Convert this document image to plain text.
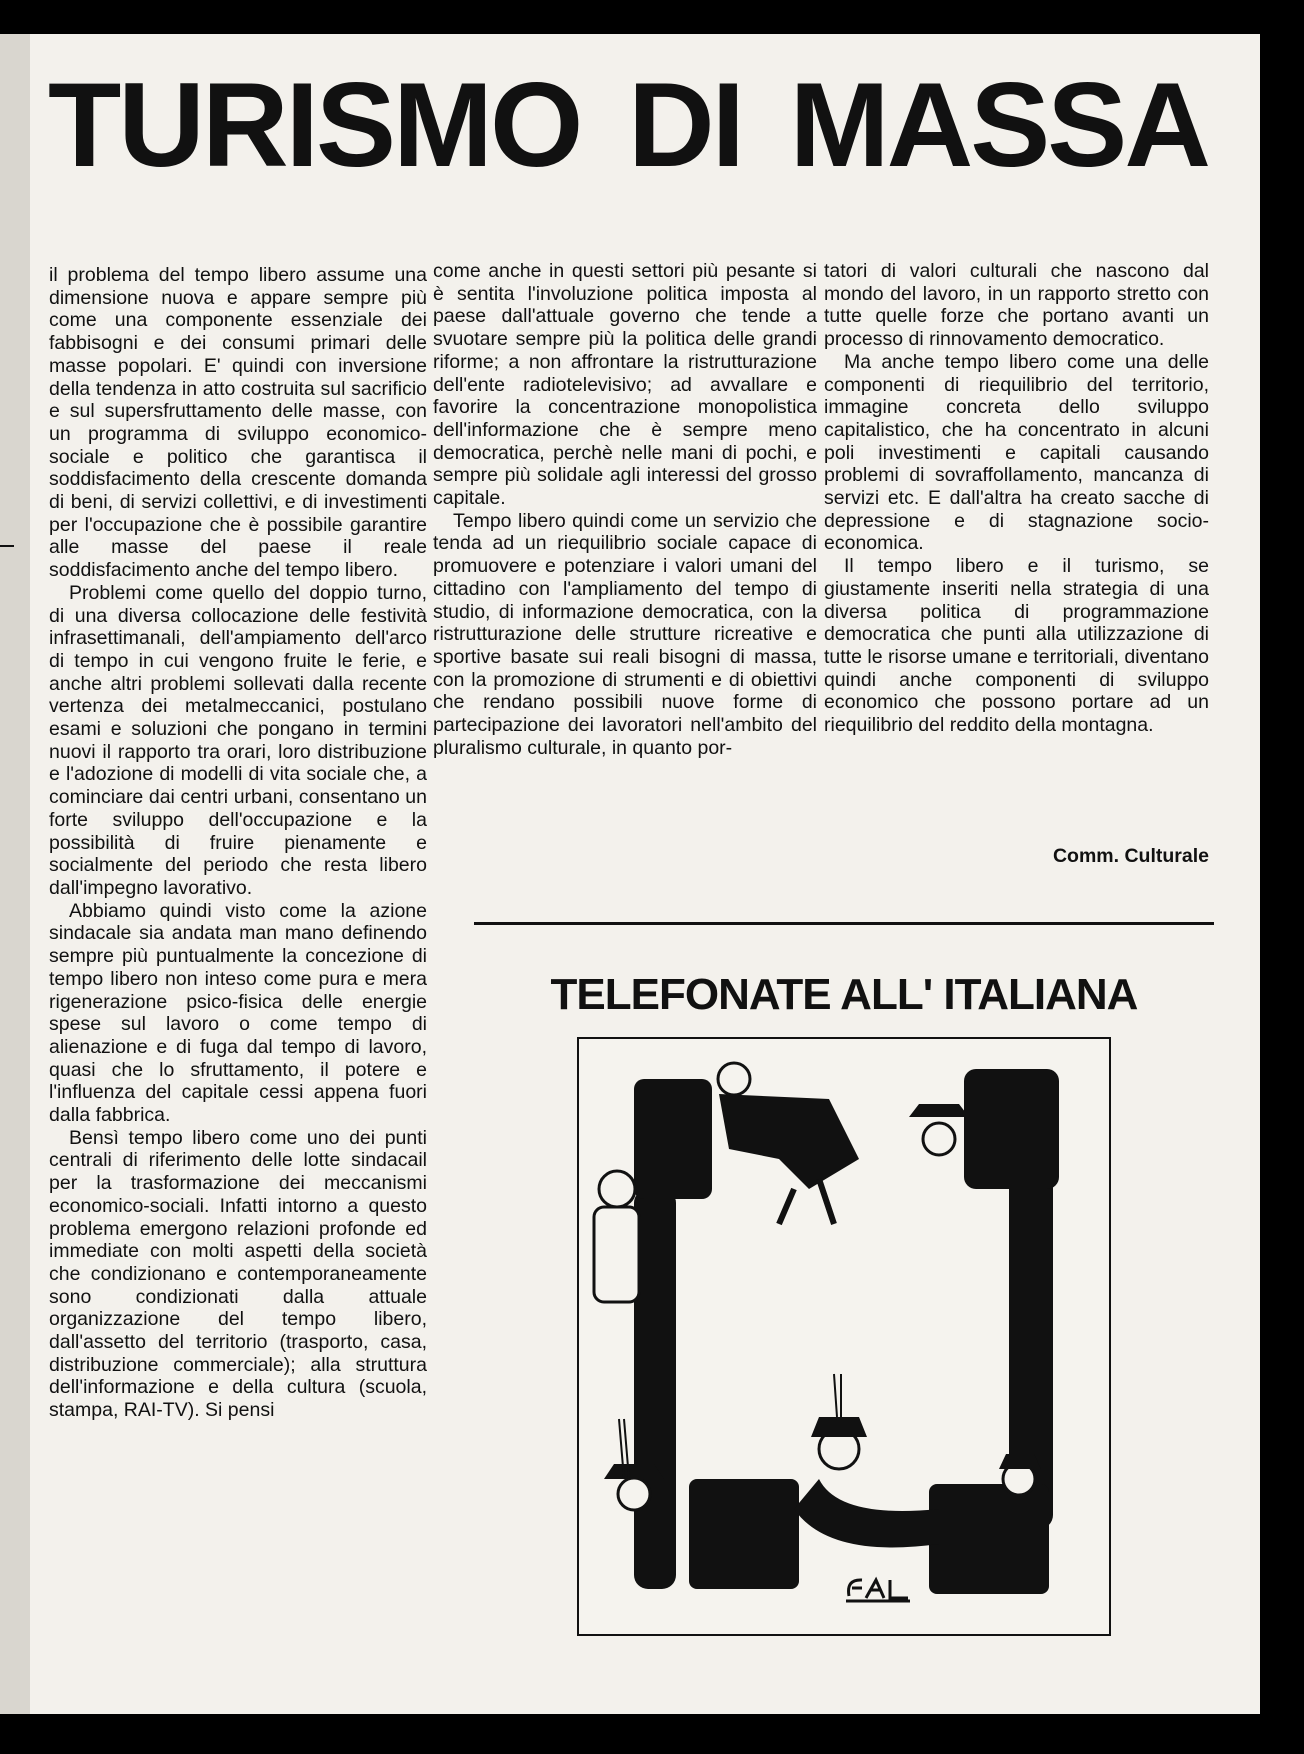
TURISMO DI MASSA

il problema del tempo libero assume una dimensione nuova e appare sempre più come una componente essenziale dei fabbisogni e dei consumi primari delle masse popolari. E' quindi con inversione della tendenza in atto costruita sul sacrificio e sul supersfruttamento delle masse, con un programma di sviluppo economico-sociale e politico che garantisca il soddisfacimento della crescente domanda di beni, di servizi collettivi, e di investimenti per l'occupazione che è possibile garantire alle masse del paese il reale soddisfacimento anche del tempo libero.

Problemi come quello del doppio turno, di una diversa collocazione delle festività infrasettimanali, dell'ampiamento dell'arco di tempo in cui vengono fruite le ferie, e anche altri problemi sollevati dalla recente vertenza dei metalmeccanici, postulano esami e soluzioni che pongano in termini nuovi il rapporto tra orari, loro distribuzione e l'adozione di modelli di vita sociale che, a cominciare dai centri urbani, consentano un forte sviluppo dell'occupazione e la possibilità di fruire pienamente e socialmente del periodo che resta libero dall'impegno lavorativo.

Abbiamo quindi visto come la azione sindacale sia andata man mano definendo sempre più puntualmente la concezione di tempo libero non inteso come pura e mera rigenerazione psico-fisica delle energie spese sul lavoro o come tempo di alienazione e di fuga dal tempo di lavoro, quasi che lo sfruttamento, il potere e l'influenza del capitale cessi appena fuori dalla fabbrica.

Bensì tempo libero come uno dei punti centrali di riferimento delle lotte sindacail per la trasformazione dei meccanismi economico-sociali. Infatti intorno a questo problema emergono relazioni profonde ed immediate con molti aspetti della società che condizionano e contemporaneamente sono condizionati dalla attuale organizzazione del tempo libero, dall'assetto del territorio (trasporto, casa, distribuzione commerciale); alla struttura dell'informazione e della cultura (scuola, stampa, RAI-TV). Si pensi

come anche in questi settori più pesante si è sentita l'involuzione politica imposta al paese dall'attuale governo che tende a svuotare sempre più la politica delle grandi riforme; a non affrontare la ristrutturazione dell'ente radiotelevisivo; ad avvallare e favorire la concentrazione monopolistica dell'informazione che è sempre meno democratica, perchè nelle mani di pochi, e sempre più solidale agli interessi del grosso capitale.

Tempo libero quindi come un servizio che tenda ad un riequilibrio sociale capace di promuovere e potenziare i valori umani del cittadino con l'ampliamento del tempo di studio, di informazione democratica, con la ristrutturazione delle strutture ricreative e sportive basate sui reali bisogni di massa, con la promozione di strumenti e di obiettivi che rendano possibili nuove forme di partecipazione dei lavoratori nell'ambito del pluralismo culturale, in quanto por-

tatori di valori culturali che nascono dal mondo del lavoro, in un rapporto stretto con tutte quelle forze che portano avanti un processo di rinnovamento democratico.

Ma anche tempo libero come una delle componenti di riequilibrio del territorio, immagine concreta dello sviluppo capitalistico, che ha concentrato in alcuni poli investimenti e capitali causando problemi di sovraffollamento, mancanza di servizi etc. E dall'altra ha creato sacche di depressione e di stagnazione socio-economica.

Il tempo libero e il turismo, se giustamente inseriti nella strategia di una diversa politica di programmazione democratica che punti alla utilizzazione di tutte le risorse umane e territoriali, diventano quindi anche componenti di sviluppo economico che possono portare ad un riequilibrio del reddito della montagna.

Comm. Culturale
TELEFONATE ALL' ITALIANA
